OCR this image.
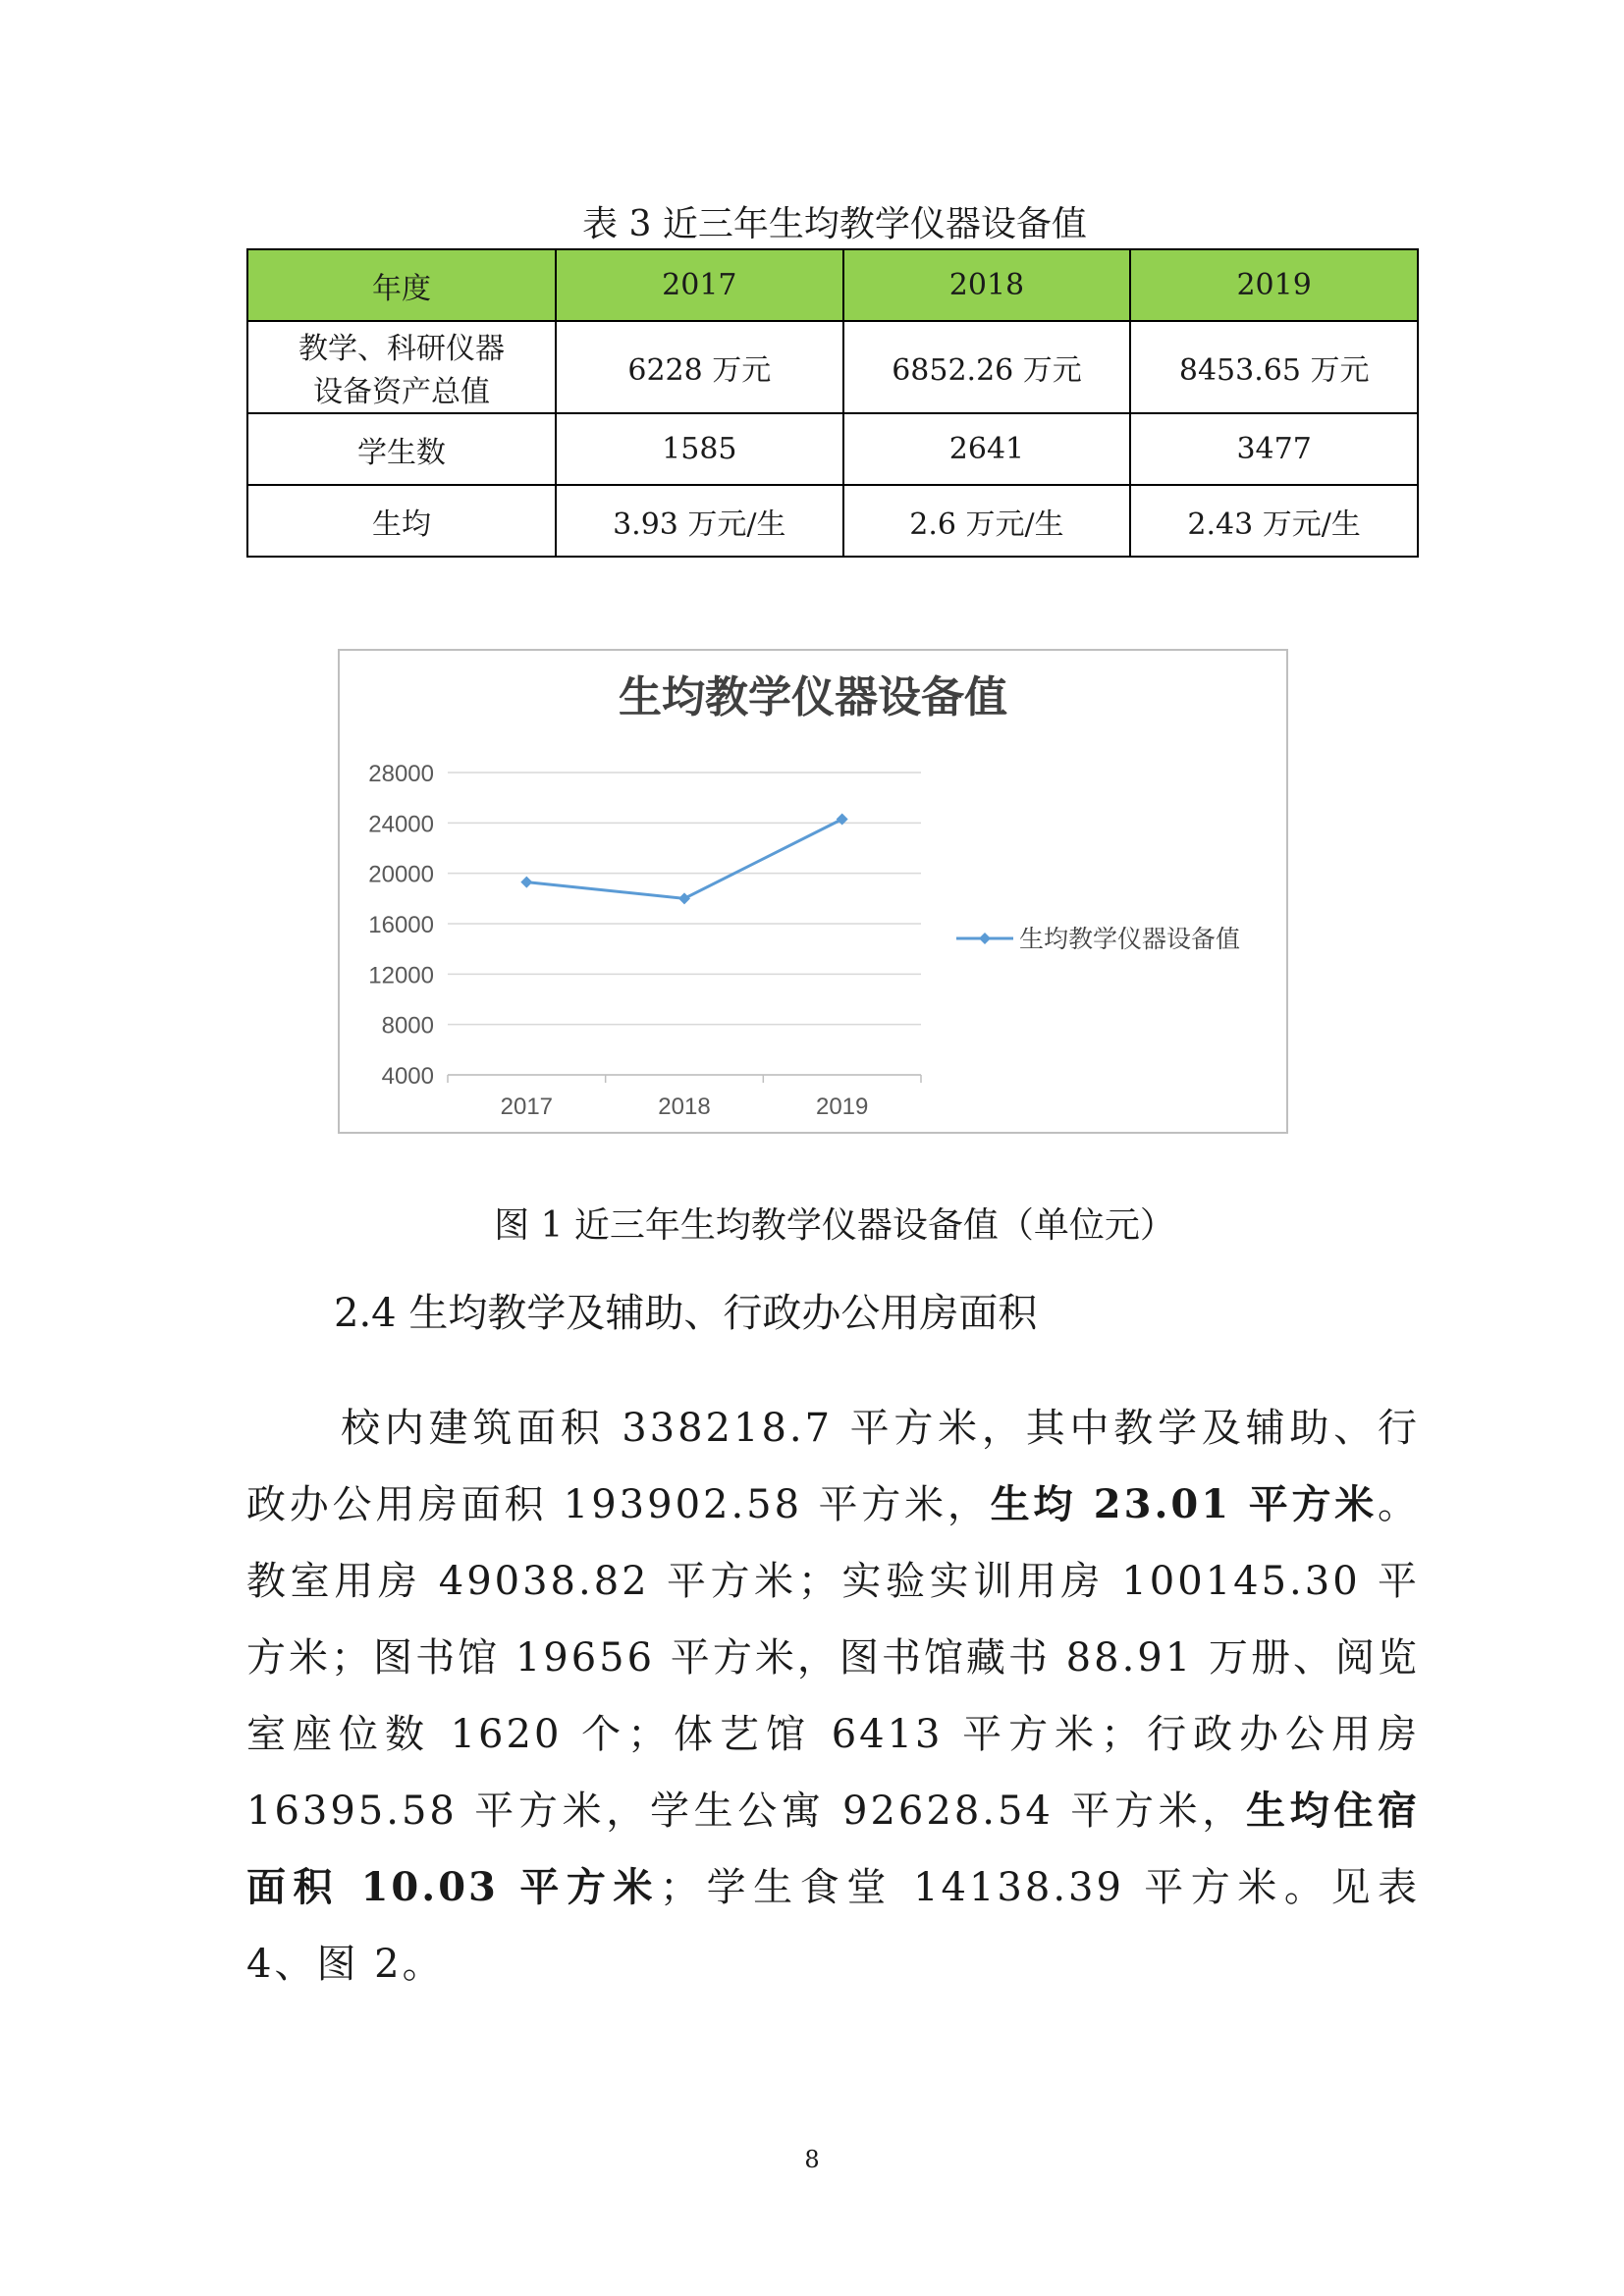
表 3 近三年生均教学仪器设备值
年度	2017	2018	2019

教学、科研仪器
设备资产总值	6228 万元	6852.26 万元	8453.65 万元
学生数	1585	2641	3477
生均	3.93 万元/生	2.6 万元/生	2.43 万元/生
生均教学仪器设备值
4000
8000
12000
16000
20000
24000
28000
2017	2018	2019
生均教学仪器设备值
图 1 近三年生均教学仪器设备值（单位元）
2.4 生均教学及辅助、行政办公用房面积
校内建筑面积 338218.7 平方米，其中教学及辅助、行政办公用房面积 193902.58 平方米，生均 23.01 平方米。教室用房 49038.82 平方米；实验实训用房 100145.30 平方米；图书馆 19656 平方米，图书馆藏书 88.91 万册、阅览室座位数 1620 个；体艺馆 6413 平方米；行政办公用房 16395.58 平方米，学生公寓 92628.54 平方米，生均住宿面积 10.03 平方米；学生食堂 14138.39 平方米。见表 4、图 2。
8
